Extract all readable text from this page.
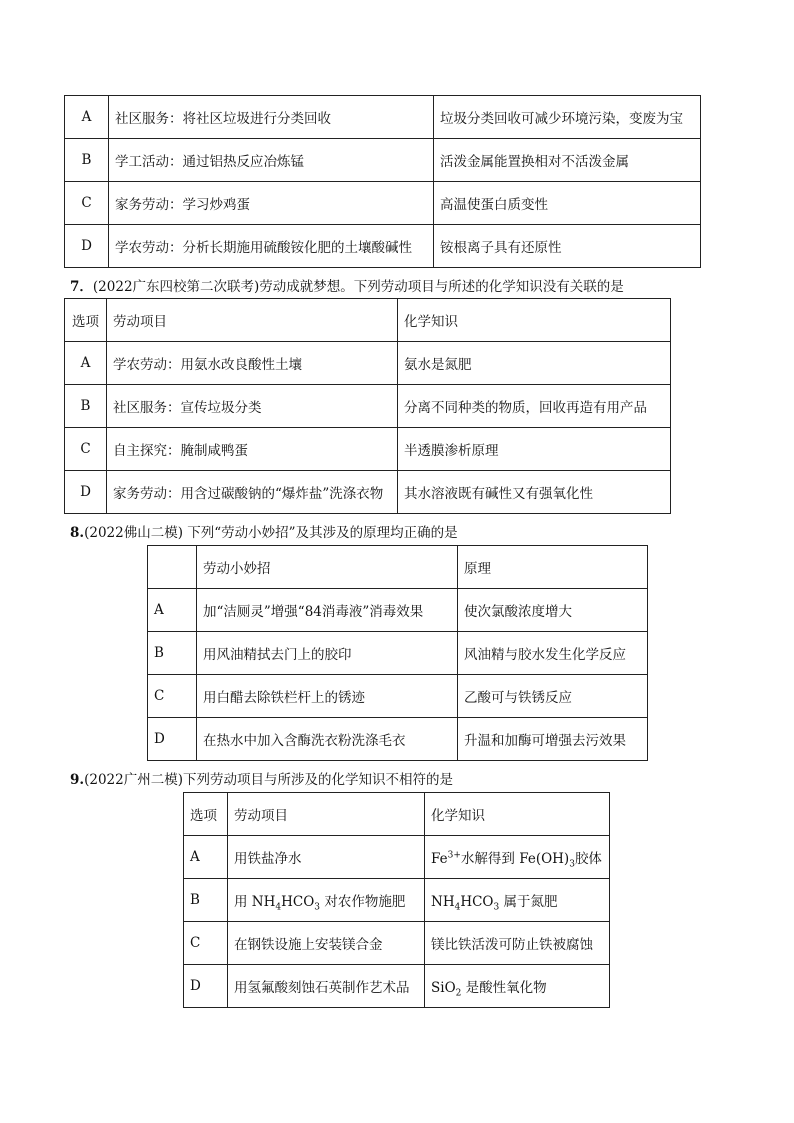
A	社区服务：将社区垃圾进行分类回收	垃圾分类回收可减少环境污染，变废为宝
B	学工活动：通过铝热反应冶炼锰	活泼金属能置换相对不活泼金属
C	家务劳动：学习炒鸡蛋	高温使蛋白质变性
D	学农劳动：分析长期施用硫酸铵化肥的土壤酸碱性	铵根离子具有还原性
7．(2022广东四校第二次联考)劳动成就梦想。下列劳动项目与所述的化学知识没有关联的是
选项	劳动项目	化学知识
A	学农劳动：用氨水改良酸性土壤	氨水是氮肥
B	社区服务：宣传垃圾分类	分离不同种类的物质，回收再造有用产品
C	自主探究：腌制咸鸭蛋	半透膜渗析原理
D	家务劳动：用含过碳酸钠的“爆炸盐”洗涤衣物	其水溶液既有碱性又有强氧化性
8.(2022佛山二模) 下列“劳动小妙招”及其涉及的原理均正确的是
	劳动小妙招	原理
A	加“洁厕灵”增强“84消毒液”消毒效果	使次氯酸浓度增大
B	用风油精拭去门上的胶印	风油精与胶水发生化学反应
C	用白醋去除铁栏杆上的锈迹	乙酸可与铁锈反应
D	在热水中加入含酶洗衣粉洗涤毛衣	升温和加酶可增强去污效果
9.(2022广州二模)下列劳动项目与所涉及的化学知识不相符的是
选项	劳动项目	化学知识
A	用铁盐净水	$Fe^{3+}$水解得到 $Fe(OH)_3$胶体
B	用 $NH_4HCO_3$ 对农作物施肥	$NH_4HCO_3$ 属于氮肥
C	在钢铁设施上安装镁合金	镁比铁活泼可防止铁被腐蚀
D	用氢氟酸刻蚀石英制作艺术品	SiO$_2$ 是酸性氧化物
